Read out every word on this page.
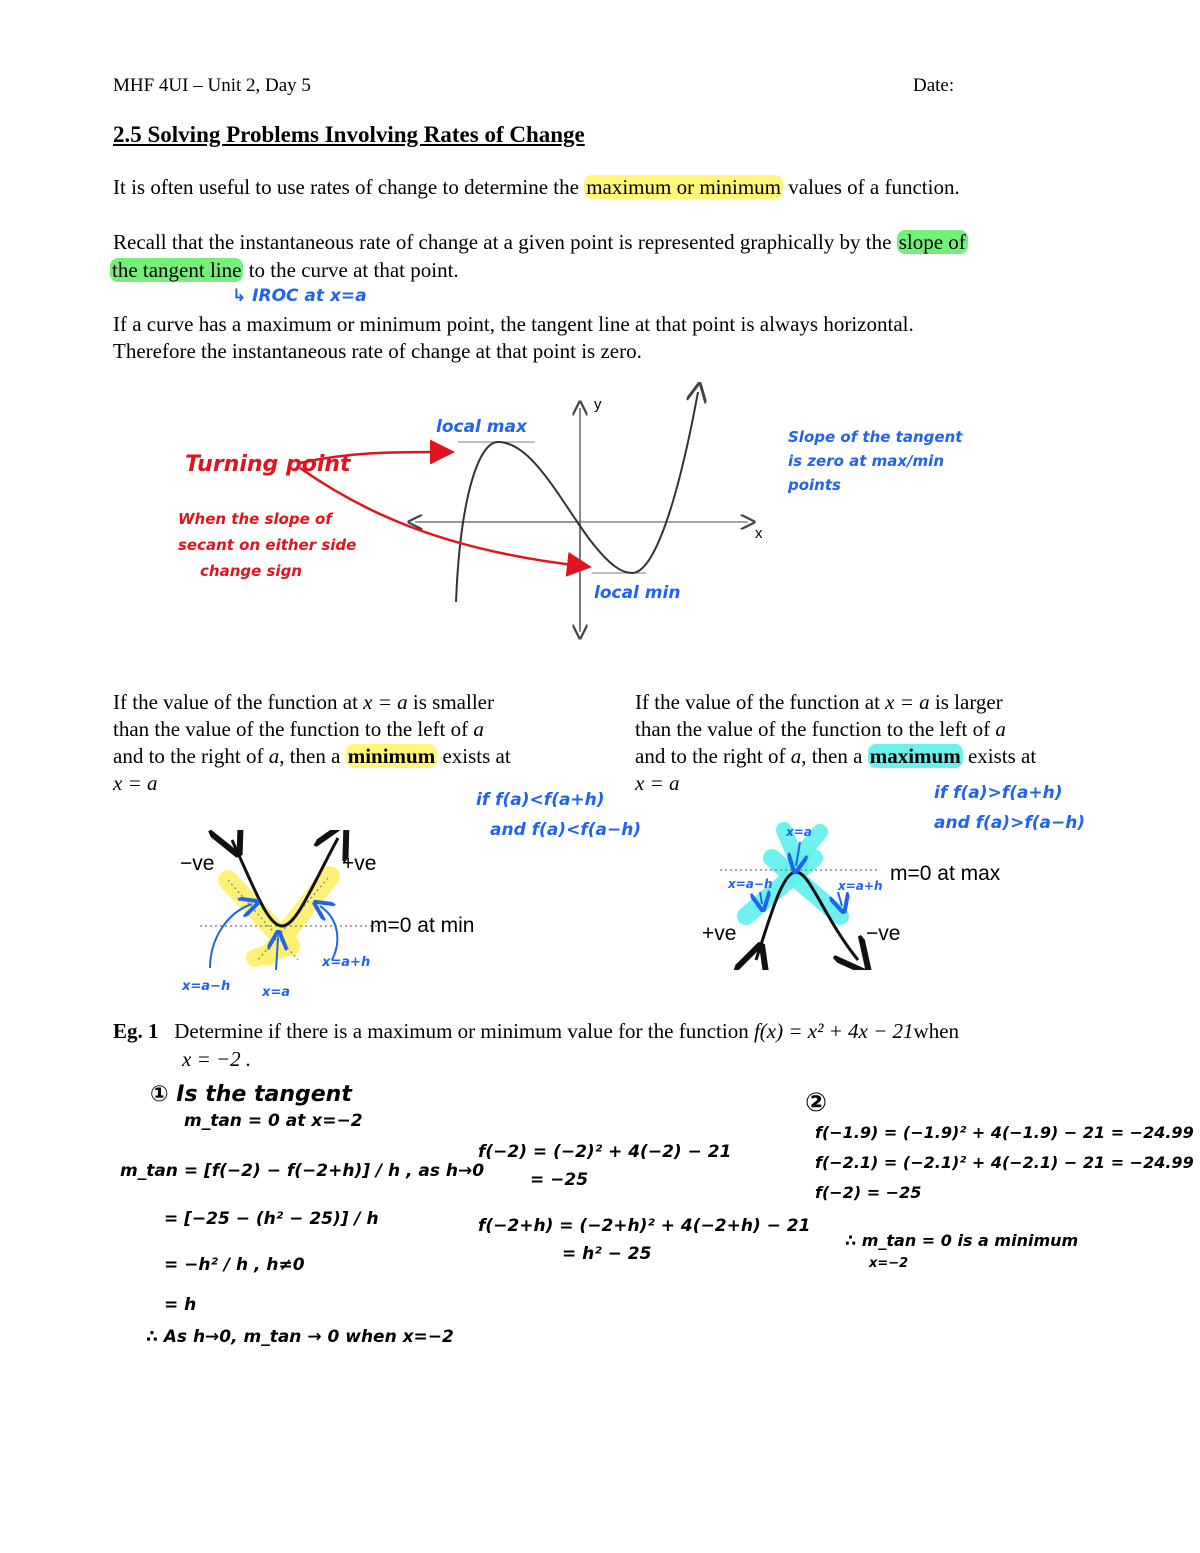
MHF 4UI – Unit 2, Day 5	Date:
2.5 Solving Problems Involving Rates of Change
It is often useful to use rates of change to determine the maximum or minimum values of a function.
Recall that the instantaneous rate of change at a given point is represented graphically by the slope of
the tangent line to the curve at that point.
↳ IROC at x=a
If a curve has a maximum or minimum point, the tangent line at that point is always horizontal.
Therefore the instantaneous rate of change at that point is zero.
y
x
local max
local min
Turning point
When the slope of
secant on either side
change sign
Slope of the tangent
is zero at max/min
points
If the value of the function at x = a is smaller
than the value of the function to the left of a
and to the right of a, then a minimum exists at
x = a
if f(a)<f(a+h)
and f(a)<f(a−h)
If the value of the function at x = a is larger
than the value of the function to the left of a
and to the right of a, then a maximum exists at
x = a	if f(a)>f(a+h)
and f(a)>f(a−h)
−ve	+ve
m=0 at min
x=a−h x=a
x=a+h
+ve	−ve
m=0 at max
x=a−h
x=a
x=a+h
Eg. 1 Determine if there is a maximum or minimum value for the function f(x) = x² + 4x − 21when
x = −2 .
① Is the tangent
m_tan = 0 at x=−2
m_tan = [f(−2) − f(−2+h)] / h , as h→0
= [−25 − (h² − 25)] / h
= −h² / h , h≠0
= h
∴ As h→0, m_tan → 0 when x=−2
f(−2) = (−2)² + 4(−2) − 21
= −25
f(−2+h) = (−2+h)² + 4(−2+h) − 21
= h² − 25
②
f(−1.9) = (−1.9)² + 4(−1.9) − 21 = −24.99
f(−2.1) = (−2.1)² + 4(−2.1) − 21 = −24.99
f(−2) = −25
∴ m_tan = 0 is a minimum
x=−2
